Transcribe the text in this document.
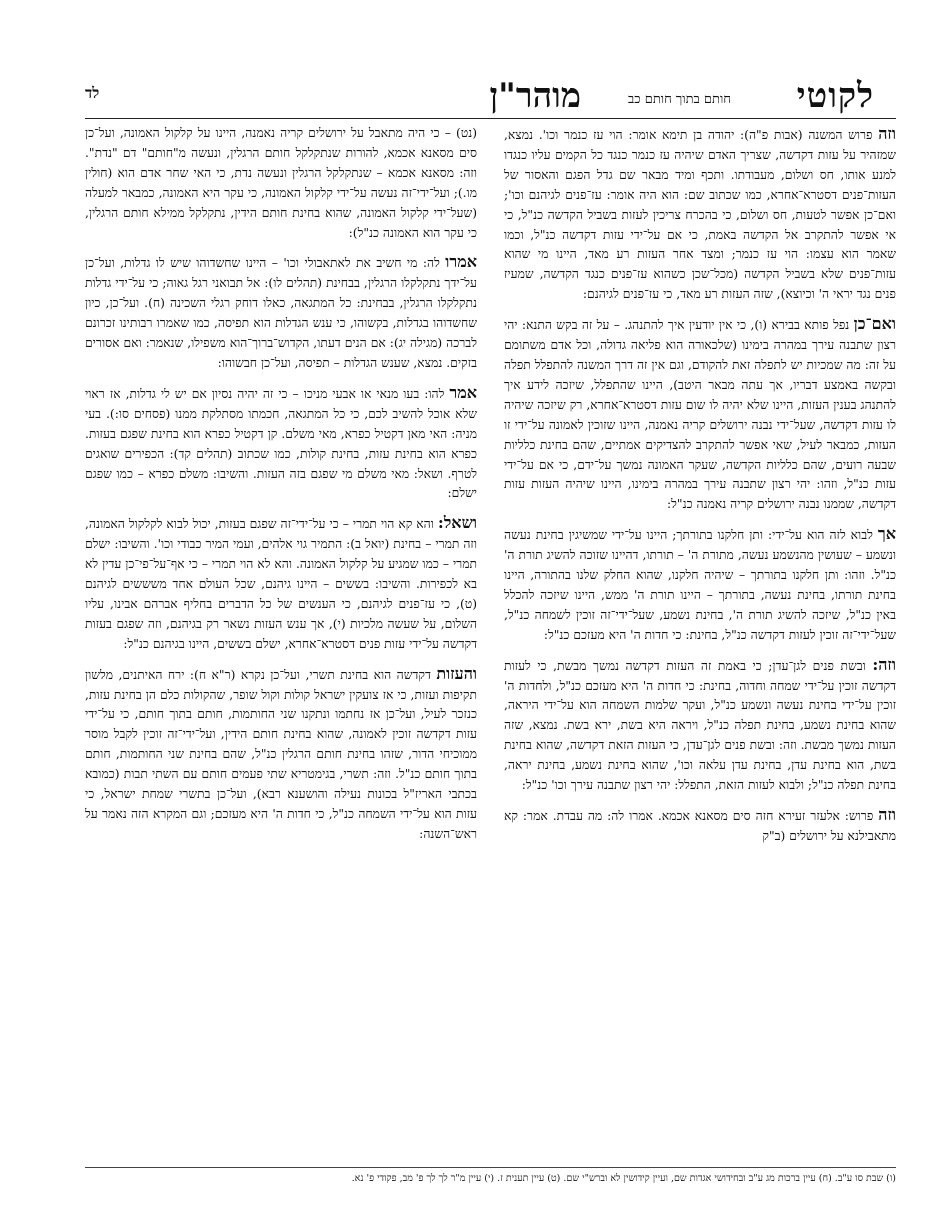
לקוטי
חותם בתוך חותם כב
מוהר"ן
לד

וזה פרוש המשנה (אבות פ"ה): יהודה בן תימא אומר: הוי עז כנמר וכו'. נמצא, שמזהיר על עזות דקדשה, שצריך האדם שיהיה עז כנמר כנגד כל הקמים עליו כנגדו למנע אותו, חס ושלום, מעבודתו. ותכף ומיד מבאר שם גדל הפגם והאסור של העזות־פנים דסטרא־אחרא, כמו שכתוב שם: הוא היה אומר: עז־פנים לגיהנם וכו'; ואם־כן אפשר לטעות, חס ושלום, כי בהכרח צריכין לעזות בשביל הקדשה כנ"ל, כי אי אפשר להתקרב אל הקדשה באמת, כי אם על־ידי עזות דקדשה כנ"ל, וכמו שאמר הוא עצמו: הוי עז כנמר; ומצד אחר העזות רע מאד, היינו מי שהוא עזות־פנים שלא בשביל הקדשה (מכל־שכן כשהוא עז־פנים כנגד הקדשה, שמעיז פנים נגד יראי ה' וכיוצא), שזה העזות רע מאד, כי עז־פנים לגיהנם:

ואם־כן נפל פותא בבירא (ו), כי אין יודעין איך להתנהג. – על זה בקש התנא: יהי רצון שתבנה עירך במהרה בימינו (שלכאורה הוא פליאה גדולה, וכל אדם משתומם על זה: מה שמכיות יש לתפלה זאת להקודם, וגם אין זה דרך המשנה להתפלל תפלה ובקשה באמצע דבריו, אך עתה מבאר היטב), היינו שהתפלל, שיזכה לידע איך להתנהג בענין העזות, היינו שלא יהיה לו שום עזות דסטרא־אחרא, רק שיזכה שיהיה לו עזות דקדשה, שעל־ידי נבנה ירושלים קריה נאמנה, היינו שזוכין לאמונה על־ידי זו העזות, כמבאר לעיל, שאי אפשר להתקרב להצדיקים אמתיים, שהם בחינת כלליות שבעה רועים, שהם כלליות הקדשה, שעקר האמונה נמשך על־ידם, כי אם על־ידי עזות כנ"ל, וזהו: יהי רצון שתבנה עירך במהרה בימינו, היינו שיהיה העזות עזות דקדשה, שממנו נבנה ירושלים קריה נאמנה כנ"ל:

אך לבוא לזה הוא על־ידי: ותן חלקנו בתורתך; היינו על־ידי שמשיגין בחינת נעשה ונשמע – שעושין מהנשמע נעשה, מתורת ה' – תורתו, דהיינו שזוכה להשיג תורת ה' כנ"ל. וזהו: ותן חלקנו בתורתך – שיהיה חלקנו, שהוא החלק שלנו בהתורה, היינו בחינת תורתו, בחינת נעשה, בתורתך – היינו תורת ה' ממש, היינו שיזכה להכלל באין כנ"ל, שיזכה להשיג תורת ה', בחינת נשמע, שעל־ידי־זה זוכין לשמחה כנ"ל, שעל־ידי־זה זוכין לעזות דקדשה כנ"ל, בחינת: כי חדות ה' היא מעזכם כנ"ל:

וזה: ובשת פנים לגן־עדן; כי באמת זה העזות דקדשה נמשך מבשת, כי לעזות דקדשה זוכין על־ידי שמחה וחדוה, בחינת: כי חדות ה' היא מעזכם כנ"ל, ולחדות ה' זוכין על־ידי בחינת נעשה ונשמע כנ"ל, ועקר שלמות השמחה הוא על־ידי היראה, שהוא בחינת נשמע, בחינת תפלה כנ"ל, ויראה היא בשת, ירא בשת. נמצא, שזה העזות נמשך מבשת. וזה: ובשת פנים לגן־עדן, כי העזות הזאת דקדשה, שהוא בחינת בשת, הוא בחינת עדן, בחינת עדן עלאה וכו', שהוא בחינת נשמע, בחינת יראה, בחינת תפלה כנ"ל; ולבוא לעזות הזאת, התפלל: יהי רצון שתבנה עירך וכו' כנ"ל:

וזה פרוש: אלעזר זעירא חזה סים מסאנא אכמא. אמרו לה: מה עבדת. אמר: קא מתאבילנא על ירושלים (ב"ק

(נט) – כי היה מתאבל על ירושלים קריה נאמנה, היינו על קלקול האמונה, ועל־כן סים מסאנא אכמא, להורות שנתקלקל חותם הרגלין, ונעשה מ"חותם" דם "נדת". וזה: מסאנא אכמא – שנתקלקל הרגלין ונעשה נדת, כי האי שחר אדם הוא (חולין מו.); ועל־ידי־זה נעשה על־ידי קלקול האמונה, כי עקר היא האמונה, כמבאר למעלה (שעל־ידי קלקול האמונה, שהוא בחינת חותם הידין, נתקלקל ממילא חותם הרגלין, כי עקר הוא האמונה כנ"ל):

אמרו לה: מי חשיב את לאתאבולי וכו' – היינו שחשדוהו שיש לו גדלות, ועל־כן על־ידך נתקלקלו הרגלין, בבחינת (תהלים לו): אל תבואני רגל גאוה; כי על־ידי גדלות נתקלקלו הרגלין, בבחינת: כל המתגאה, כאלו דוחק רגלי השכינה (ח). ועל־כן, כיון שחשדוהו בגדלות, בקשוהו, כי ענש הגדלות הוא תפיסה, כמו שאמרו רבותינו זכרונם לברכה (מגילה יג): אם הנים דעתו, הקדוש־ברוך־הוא משפילו, שנאמר: ואם אסורים בזקים. נמצא, שענש הגדלות – תפיסה, ועל־כן חבשוהו:

אמר להו: בעו מנאי או אבעי מניכו – כי זה יהיה נסיון אם יש לי גדלות, אז ראוי שלא אוכל להשיב לכם, כי כל המתגאה, חכמתו מסתלקת ממנו (פסחים סו:). בעי מניה: האי מאן דקטיל כפרא, מאי משלם. קן דקטיל כפרא הוא בחינת שפגם בעזות. כפרא הוא בחינת עזות, בחינת קולות, כמו שכתוב (תהלים קד): הכפירים שואגים לטרף. ושאל: מאי משלם מי שפגם בזה העזות. והשיבו: משלם כפרא – כמו שפגם ישלם:

ושאל: והא קא הוי תמרי – כי על־ידי־זה שפגם בעזות, יכול לבוא לקלקול האמונה, וזה תמרי – בחינת (יואל ב): התמיר גוי אלהים, ועמי המיר כבודי וכו'. והשיבו: ישלם תמרי – כמו שמגיע על קלקול האמונה. והא לא הוי תמרי – כי אף־על־פי־כן עדין לא בא לכפירות. והשיבו: בששים – היינו גיהנם, שכל העולם אחד משששים לגיהנם (ט), כי עז־פנים לגיהנם, כי הענשים של כל הדברים בחליף אברהם אבינו, עליו השלום, על שעשה מלכיות (י), אך ענש העזות נשאר רק בגיהנם, וזה שפגם בעזות דקדשה על־ידי עזות פנים דסטרא־אחרא, ישלם בששים, היינו בגיהנם כנ"ל:

והעזות דקדשה הוא בחינת תשרי, ועל־כן נקרא (ר"א ח): ירח האיתנים, מלשון תקיפות ועזות, כי אז צועקין ישראל קולות וקול שופר, שהקולות כלם הן בחינת עזות, כנזכר לעיל, ועל־כן אז נחתמו ונתקנו שני החותמות, חותם בתוך חותם, כי על־ידי עזות דקדשה זוכין לאמונה, שהוא בחינת חותם הידין, ועל־ידי־זה זוכין לקבל מוסר ממוכיחי הדור, שזהו בחינת חותם הרגלין כנ"ל, שהם בחינת שני החותמות, חותם בתוך חותם כנ"ל. וזה: תשרי, בגימטריא שתי פעמים חותם עם השתי תבות (כמובא בכתבי האריז"ל בכונות נעילה והושענא רבא), ועל־כן בתשרי שמחת ישראל, כי עזות הוא על־ידי השמחה כנ"ל, כי חדות ה' היא מעזכם; וגם המקרא הזה נאמר על ראש־השנה:

(ו) שבת סו ע"ב. (ח) עיין ברכות מג ע"ב ובחידושי אגדות שם, ועיין קידושין לא וברש"י שם. (ט) עיין תענית ז. (י) עיין מ"ר לך לך פ' מב, פקודי פ' נא.
